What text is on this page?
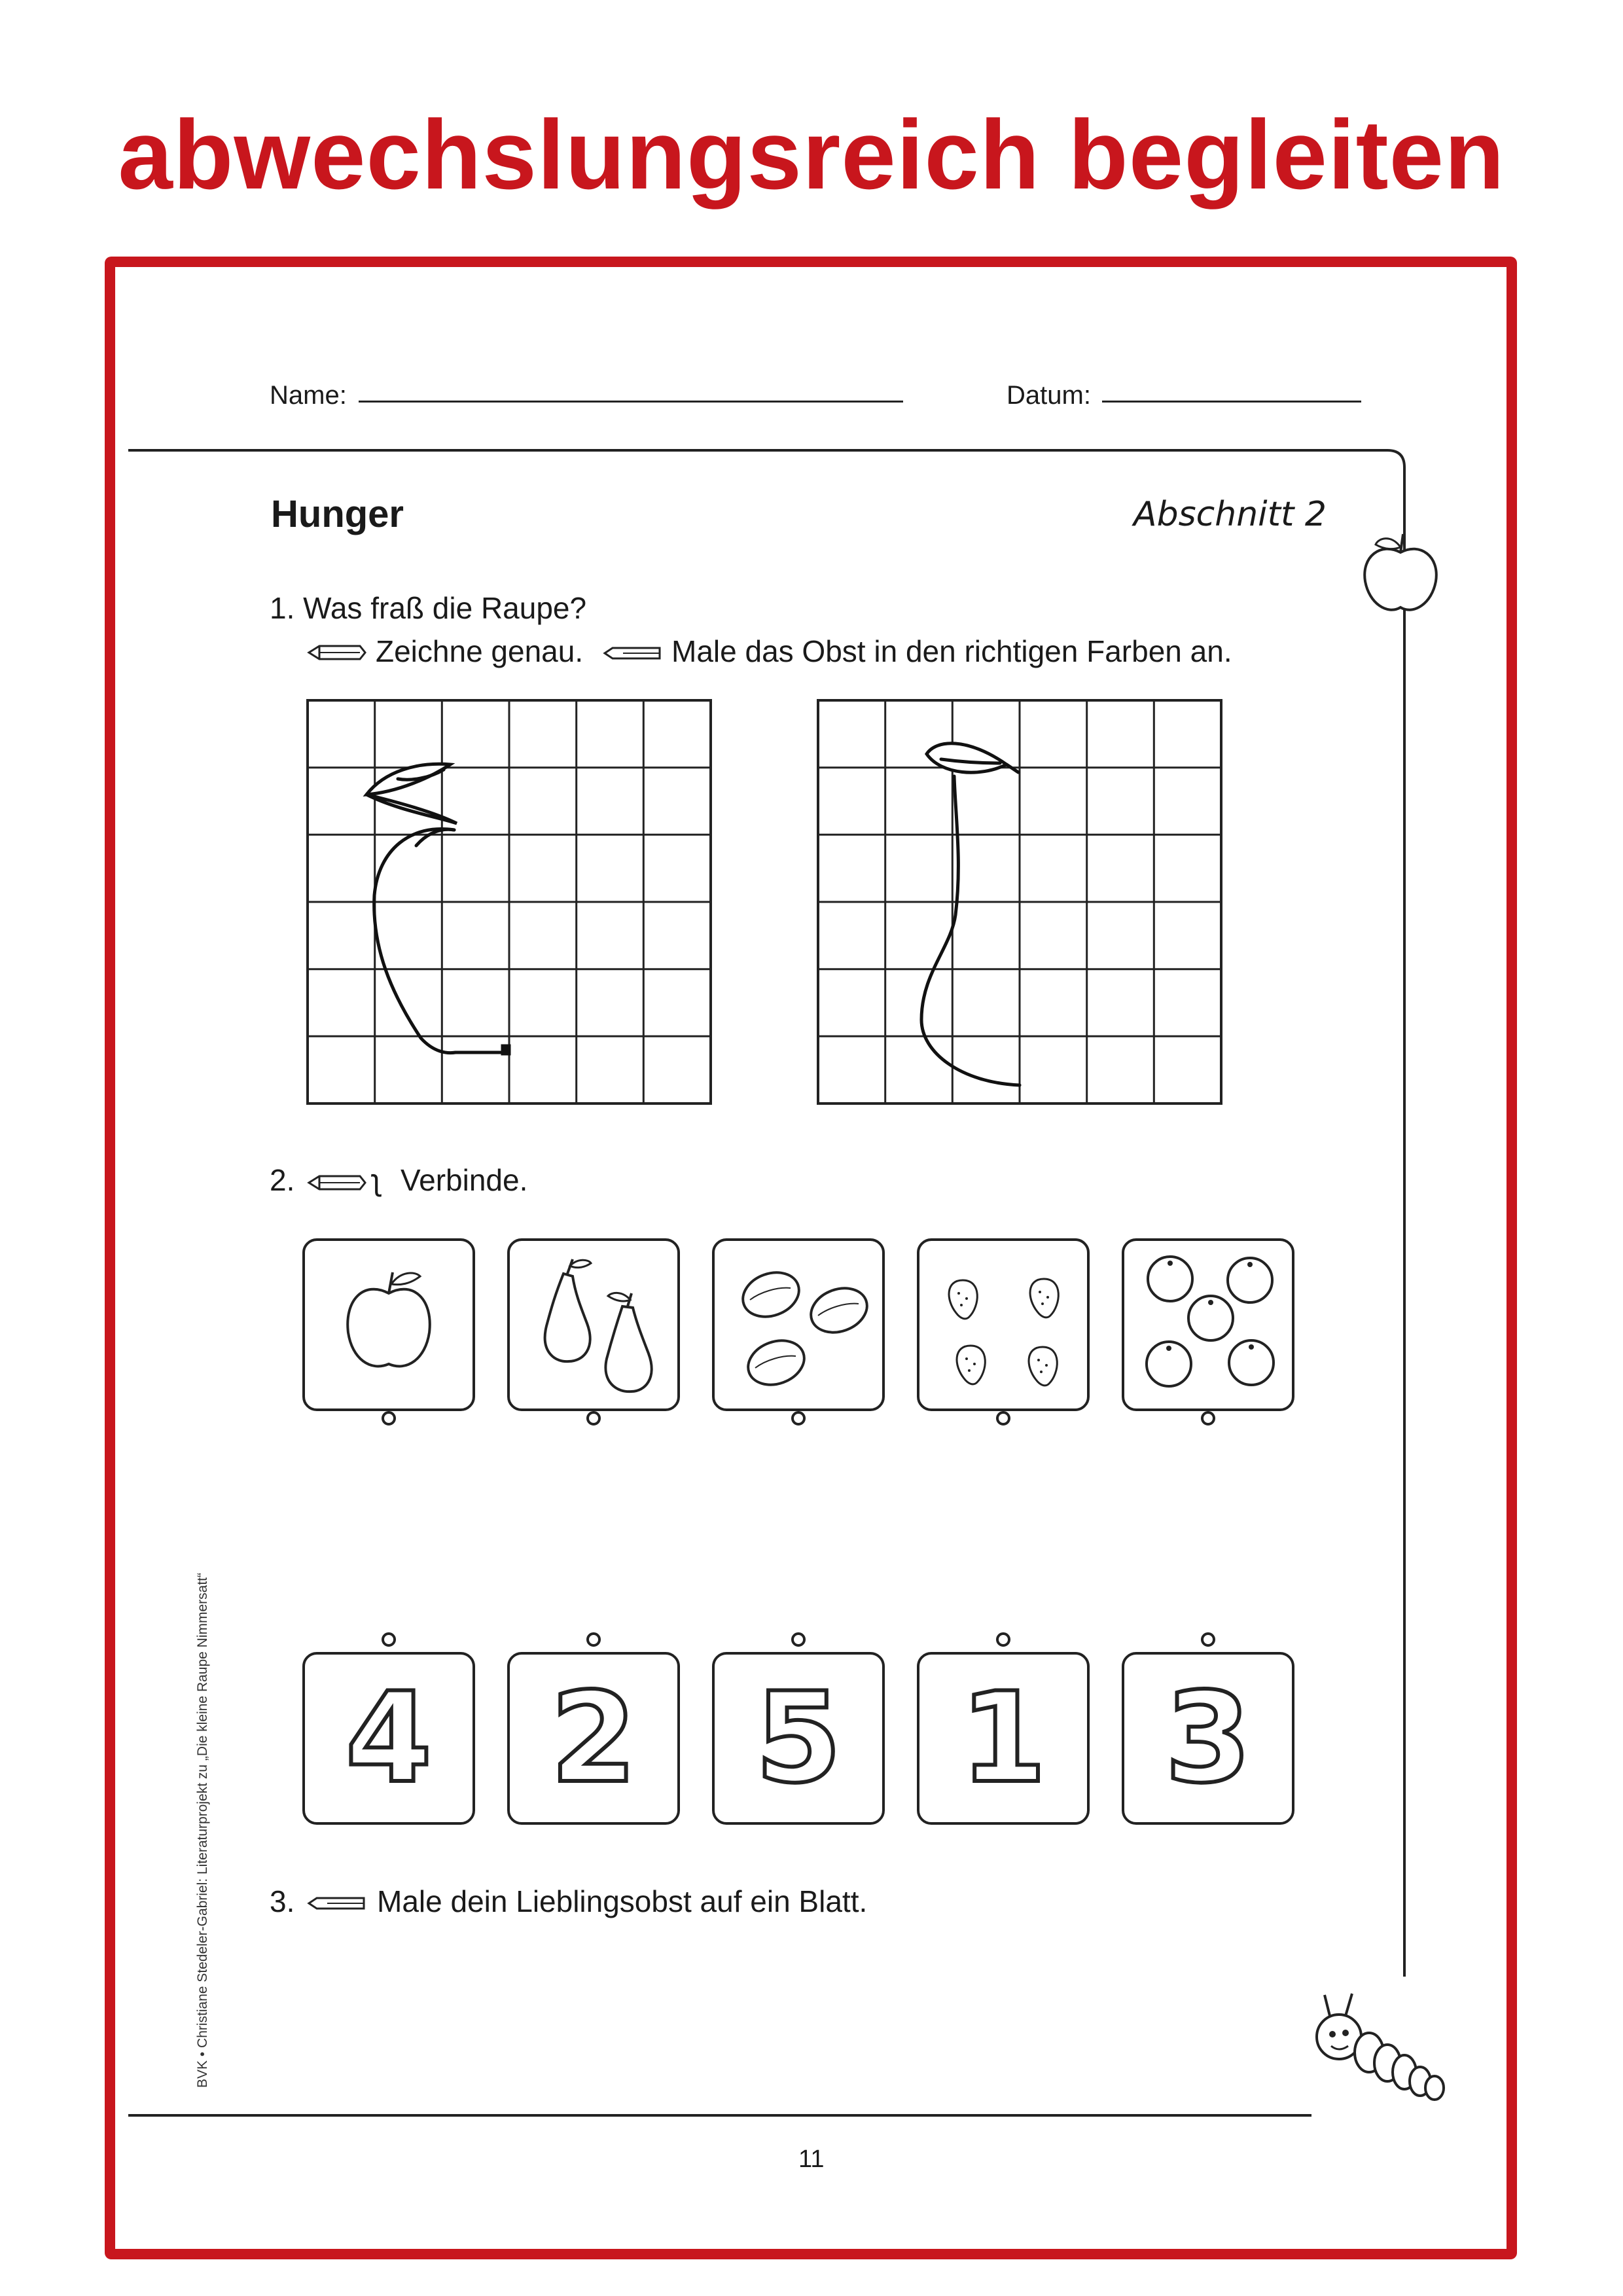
abwechslungsreich begleiten
Name:	Datum:
Hunger	Abschnitt 2
1. Was fraß die Raupe?
Zeichne genau.	Male das Obst in den richtigen Farben an.
2.	ʅ Verbinde.
4 2 5 1 3
3.	Male dein Lieblingsobst auf ein Blatt.
BVK • Christiane Stedeler-Gabriel: Literaturprojekt zu „Die kleine Raupe Nimmersatt“
11
